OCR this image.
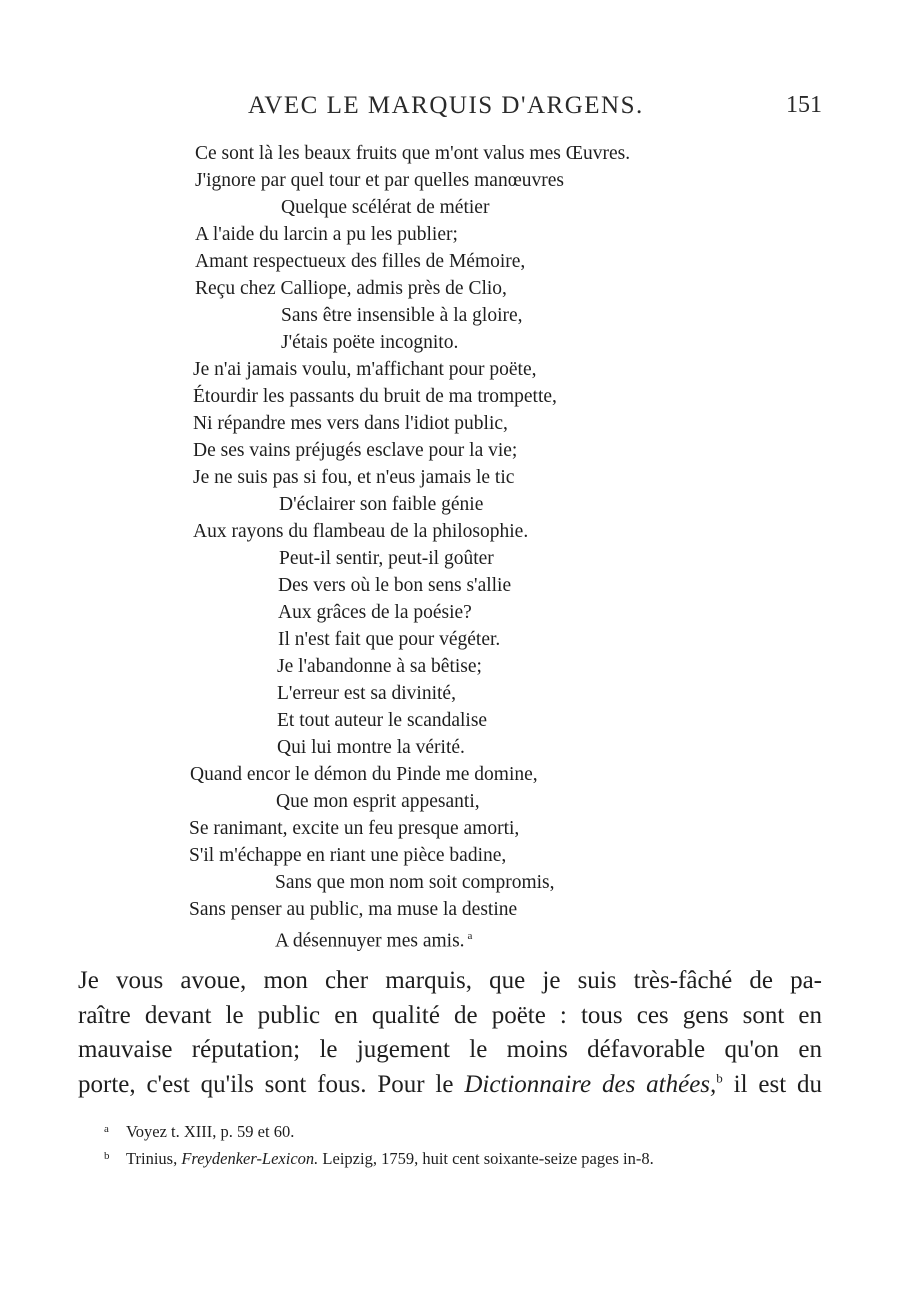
AVEC LE MARQUIS D'ARGENS.	151
Ce sont là les beaux fruits que m'ont valus mes Œuvres.
J'ignore par quel tour et par quelles manœuvres
Quelque scélérat de métier
A l'aide du larcin a pu les publier;
Amant respectueux des filles de Mémoire,
Reçu chez Calliope, admis près de Clio,
Sans être insensible à la gloire,
J'étais poëte incognito.
Je n'ai jamais voulu, m'affichant pour poëte,
Étourdir les passants du bruit de ma trompette,
Ni répandre mes vers dans l'idiot public,
De ses vains préjugés esclave pour la vie;
Je ne suis pas si fou, et n'eus jamais le tic
D'éclairer son faible génie
Aux rayons du flambeau de la philosophie.
Peut-il sentir, peut-il goûter
Des vers où le bon sens s'allie
Aux grâces de la poésie?
Il n'est fait que pour végéter.
Je l'abandonne à sa bêtise;
L'erreur est sa divinité,
Et tout auteur le scandalise
Qui lui montre la vérité.
Quand encor le démon du Pinde me domine,
Que mon esprit appesanti,
Se ranimant, excite un feu presque amorti,
S'il m'échappe en riant une pièce badine,
Sans que mon nom soit compromis,
Sans penser au public, ma muse la destine
A désennuyer mes amis. $^a$
Je vous avoue, mon cher marquis, que je suis très-fâché de pa-
raître devant le public en qualité de poëte : tous ces gens sont en
mauvaise réputation; le jugement le moins défavorable qu'on en
porte, c'est qu'ils sont fous. Pour le Dictionnaire des athées,$^b$ il est du
a Voyez t. XIII, p. 59 et 60.
b Trinius, Freydenker-Lexicon. Leipzig, 1759, huit cent soixante-seize pages in-8.
